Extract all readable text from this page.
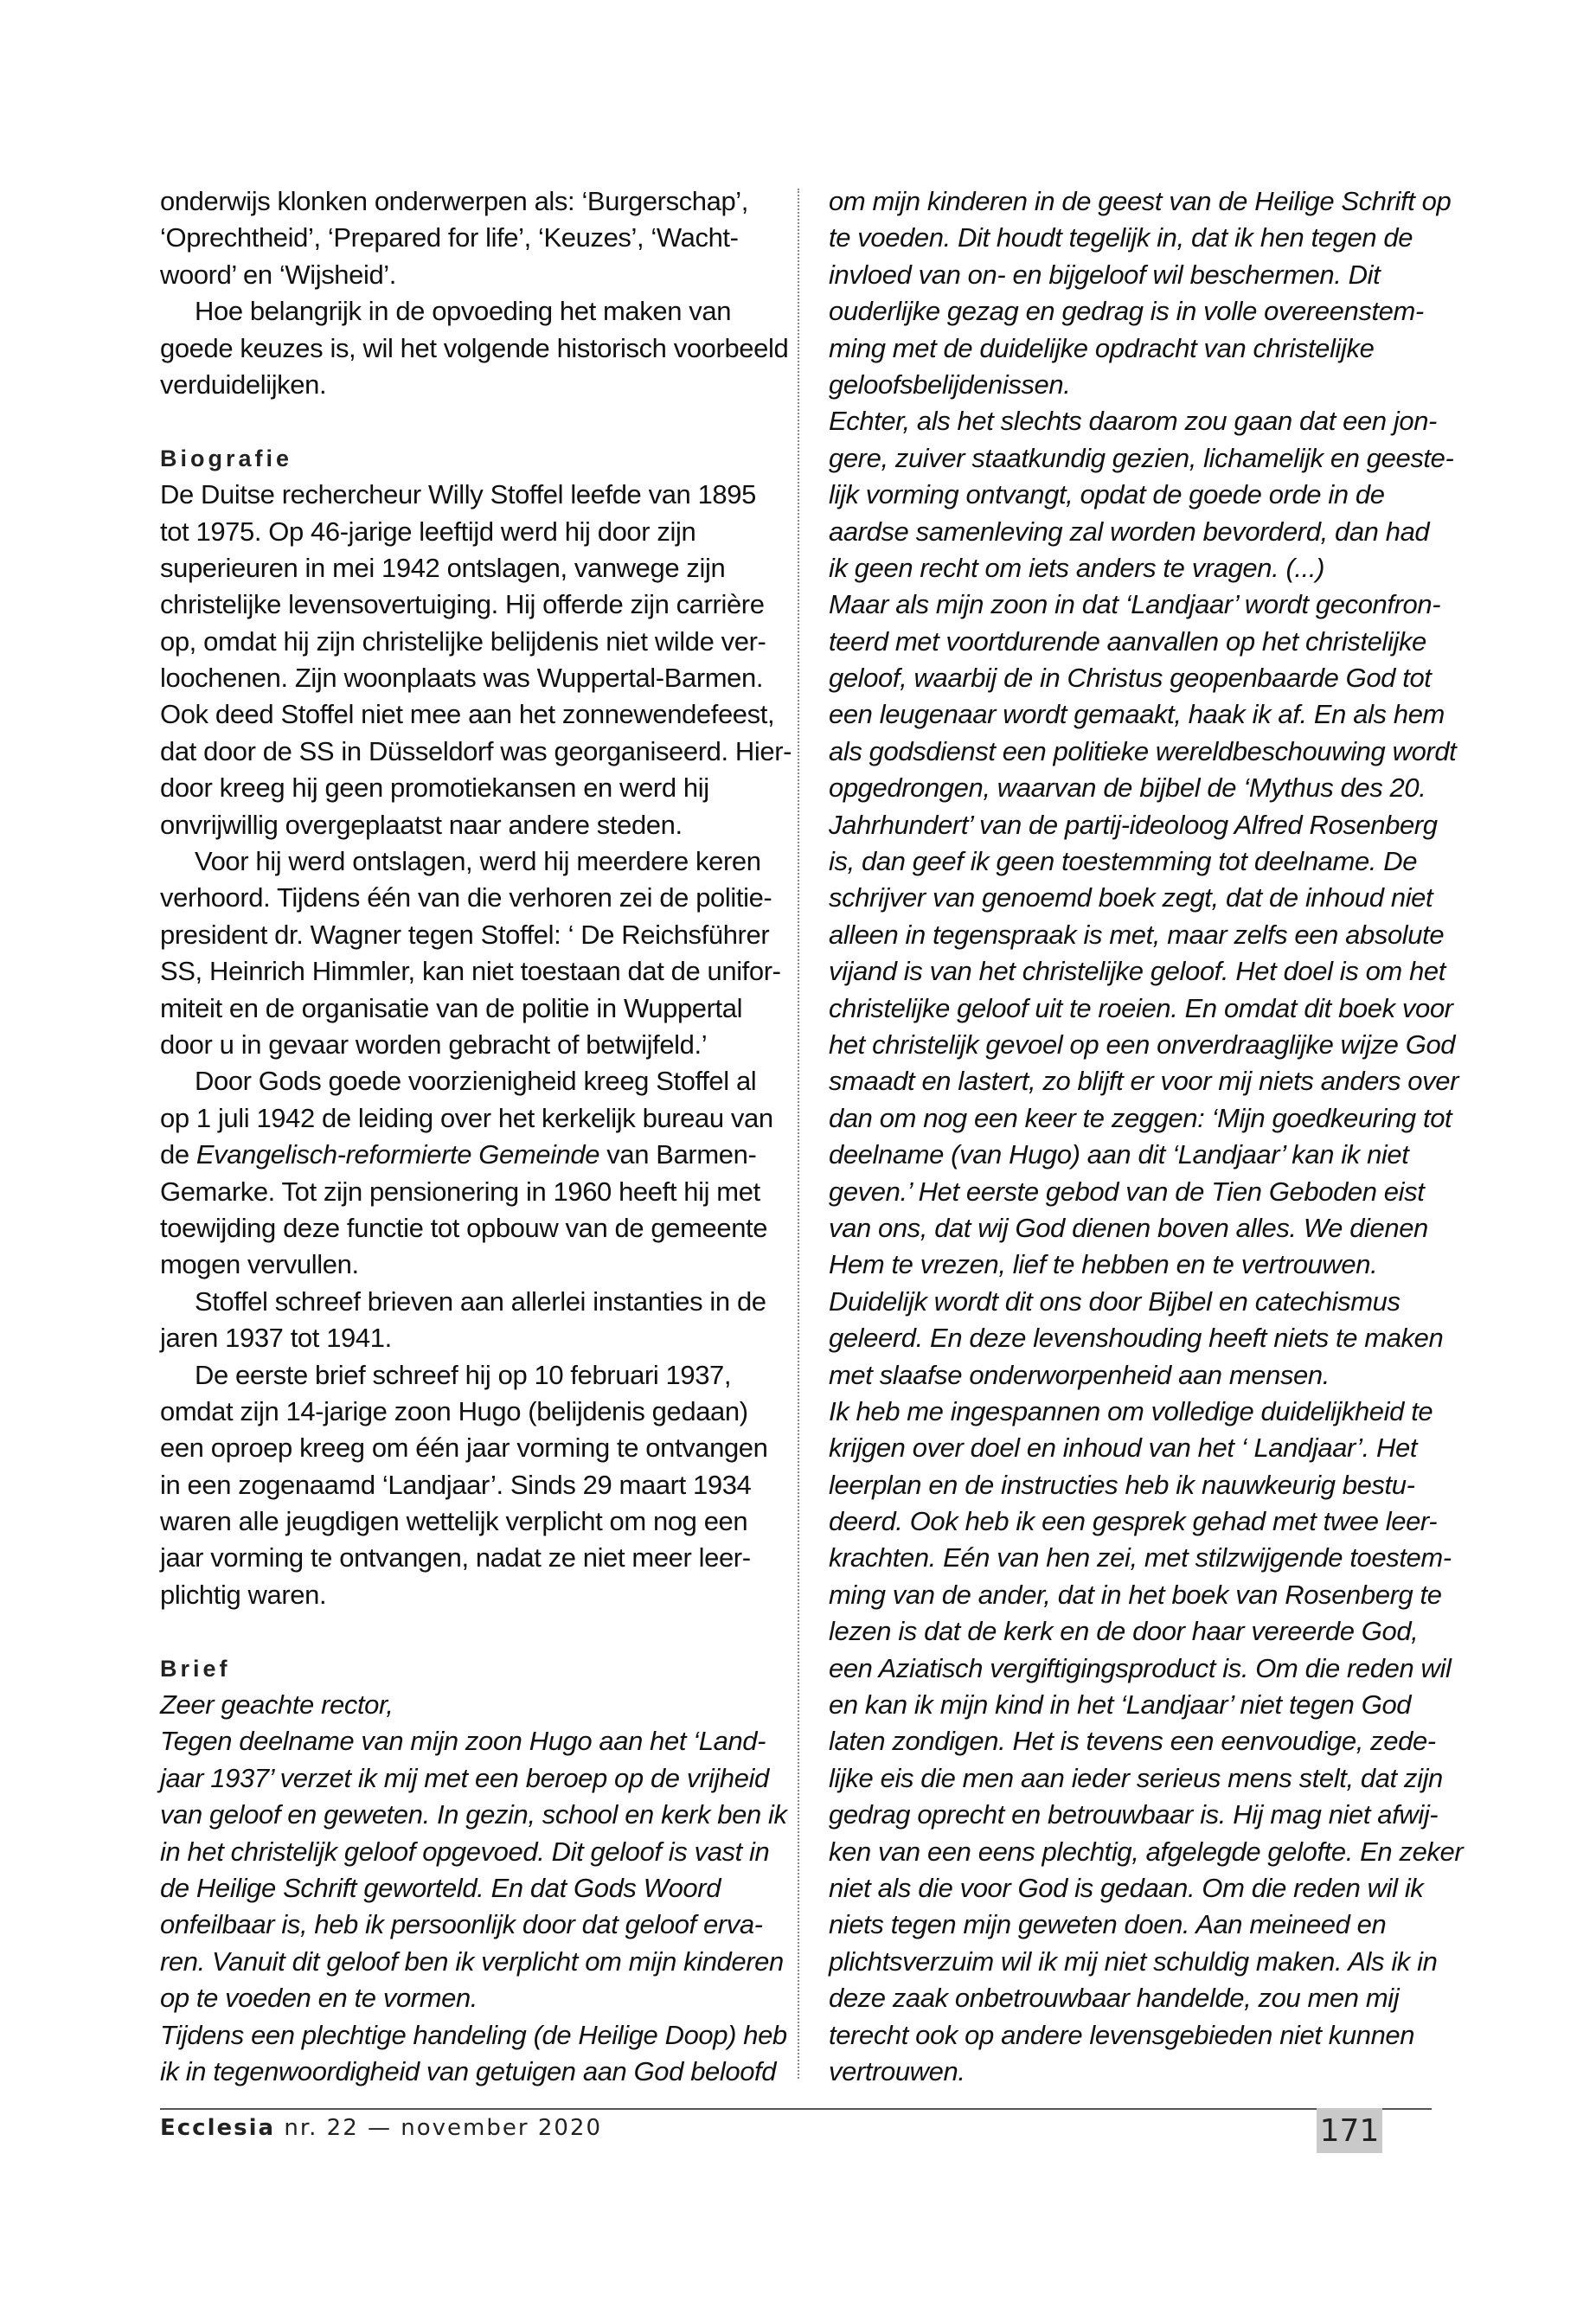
onderwijs klonken onderwerpen als: ‘Burgerschap’,
‘Oprechtheid’, ‘Prepared for life’, ‘Keuzes’, ‘Wacht-
woord’ en ‘Wijsheid’.
Hoe belangrijk in de opvoeding het maken van
goede keuzes is, wil het volgende historisch voorbeeld
verduidelijken.
Biografie
De Duitse rechercheur Willy Stoffel leefde van 1895
tot 1975. Op 46-jarige leeftijd werd hij door zijn
superieuren in mei 1942 ontslagen, vanwege zijn
christelijke levensovertuiging. Hij offerde zijn carrière
op, omdat hij zijn christelijke belijdenis niet wilde ver-
loochenen. Zijn woonplaats was Wuppertal-Barmen.
Ook deed Stoffel niet mee aan het zonnewendefeest,
dat door de SS in Düsseldorf was georganiseerd. Hier-
door kreeg hij geen promotiekansen en werd hij
onvrijwillig overgeplaatst naar andere steden.
Voor hij werd ontslagen, werd hij meerdere keren
verhoord. Tijdens één van die verhoren zei de politie-
president dr. Wagner tegen Stoffel: ‘ De Reichsführer
SS, Heinrich Himmler, kan niet toestaan dat de unifor-
miteit en de organisatie van de politie in Wuppertal
door u in gevaar worden gebracht of betwijfeld.’
Door Gods goede voorzienigheid kreeg Stoffel al
op 1 juli 1942 de leiding over het kerkelijk bureau van
de Evangelisch-reformierte Gemeinde van Barmen-
Gemarke. Tot zijn pensionering in 1960 heeft hij met
toewijding deze functie tot opbouw van de gemeente
mogen vervullen.
Stoffel schreef brieven aan allerlei instanties in de
jaren 1937 tot 1941.
De eerste brief schreef hij op 10 februari 1937,
omdat zijn 14-jarige zoon Hugo (belijdenis gedaan)
een oproep kreeg om één jaar vorming te ontvangen
in een zogenaamd ‘Landjaar’. Sinds 29 maart 1934
waren alle jeugdigen wettelijk verplicht om nog een
jaar vorming te ontvangen, nadat ze niet meer leer-
plichtig waren.
Brief
Zeer geachte rector,
Tegen deelname van mijn zoon Hugo aan het ‘Land-
jaar 1937’ verzet ik mij met een beroep op de vrijheid
van geloof en geweten. In gezin, school en kerk ben ik
in het christelijk geloof opgevoed. Dit geloof is vast in
de Heilige Schrift geworteld. En dat Gods Woord
onfeilbaar is, heb ik persoonlijk door dat geloof erva-
ren. Vanuit dit geloof ben ik verplicht om mijn kinderen
op te voeden en te vormen.
Tijdens een plechtige handeling (de Heilige Doop) heb
ik in tegenwoordigheid van getuigen aan God beloofd
om mijn kinderen in de geest van de Heilige Schrift op
te voeden. Dit houdt tegelijk in, dat ik hen tegen de
invloed van on- en bijgeloof wil beschermen. Dit
ouderlijke gezag en gedrag is in volle overeenstem-
ming met de duidelijke opdracht van christelijke
geloofsbelijdenissen.
Echter, als het slechts daarom zou gaan dat een jon-
gere, zuiver staatkundig gezien, lichamelijk en geeste-
lijk vorming ontvangt, opdat de goede orde in de
aardse samenleving zal worden bevorderd, dan had
ik geen recht om iets anders te vragen. (...)
Maar als mijn zoon in dat ‘Landjaar’ wordt geconfron-
teerd met voortdurende aanvallen op het christelijke
geloof, waarbij de in Christus geopenbaarde God tot
een leugenaar wordt gemaakt, haak ik af. En als hem
als godsdienst een politieke wereldbeschouwing wordt
opgedrongen, waarvan de bijbel de ‘Mythus des 20.
Jahrhundert’ van de partij-ideoloog Alfred Rosenberg
is, dan geef ik geen toestemming tot deelname. De
schrijver van genoemd boek zegt, dat de inhoud niet
alleen in tegenspraak is met, maar zelfs een absolute
vijand is van het christelijke geloof. Het doel is om het
christelijke geloof uit te roeien. En omdat dit boek voor
het christelijk gevoel op een onverdraaglijke wijze God
smaadt en lastert, zo blijft er voor mij niets anders over
dan om nog een keer te zeggen: ‘Mijn goedkeuring tot
deelname (van Hugo) aan dit ‘Landjaar’ kan ik niet
geven.’ Het eerste gebod van de Tien Geboden eist
van ons, dat wij God dienen boven alles. We dienen
Hem te vrezen, lief te hebben en te vertrouwen.
Duidelijk wordt dit ons door Bijbel en catechismus
geleerd. En deze levenshouding heeft niets te maken
met slaafse onderworpenheid aan mensen.
Ik heb me ingespannen om volledige duidelijkheid te
krijgen over doel en inhoud van het ‘ Landjaar’. Het
leerplan en de instructies heb ik nauwkeurig bestu-
deerd. Ook heb ik een gesprek gehad met twee leer-
krachten. Eén van hen zei, met stilzwijgende toestem-
ming van de ander, dat in het boek van Rosenberg te
lezen is dat de kerk en de door haar vereerde God,
een Aziatisch vergiftigingsproduct is. Om die reden wil
en kan ik mijn kind in het ‘Landjaar’ niet tegen God
laten zondigen. Het is tevens een eenvoudige, zede-
lijke eis die men aan ieder serieus mens stelt, dat zijn
gedrag oprecht en betrouwbaar is. Hij mag niet afwij-
ken van een eens plechtig, afgelegde gelofte. En zeker
niet als die voor God is gedaan. Om die reden wil ik
niets tegen mijn geweten doen. Aan meineed en
plichtsverzuim wil ik mij niet schuldig maken. Als ik in
deze zaak onbetrouwbaar handelde, zou men mij
terecht ook op andere levensgebieden niet kunnen
vertrouwen.
Ecclesia nr. 22 — november 2020	171
